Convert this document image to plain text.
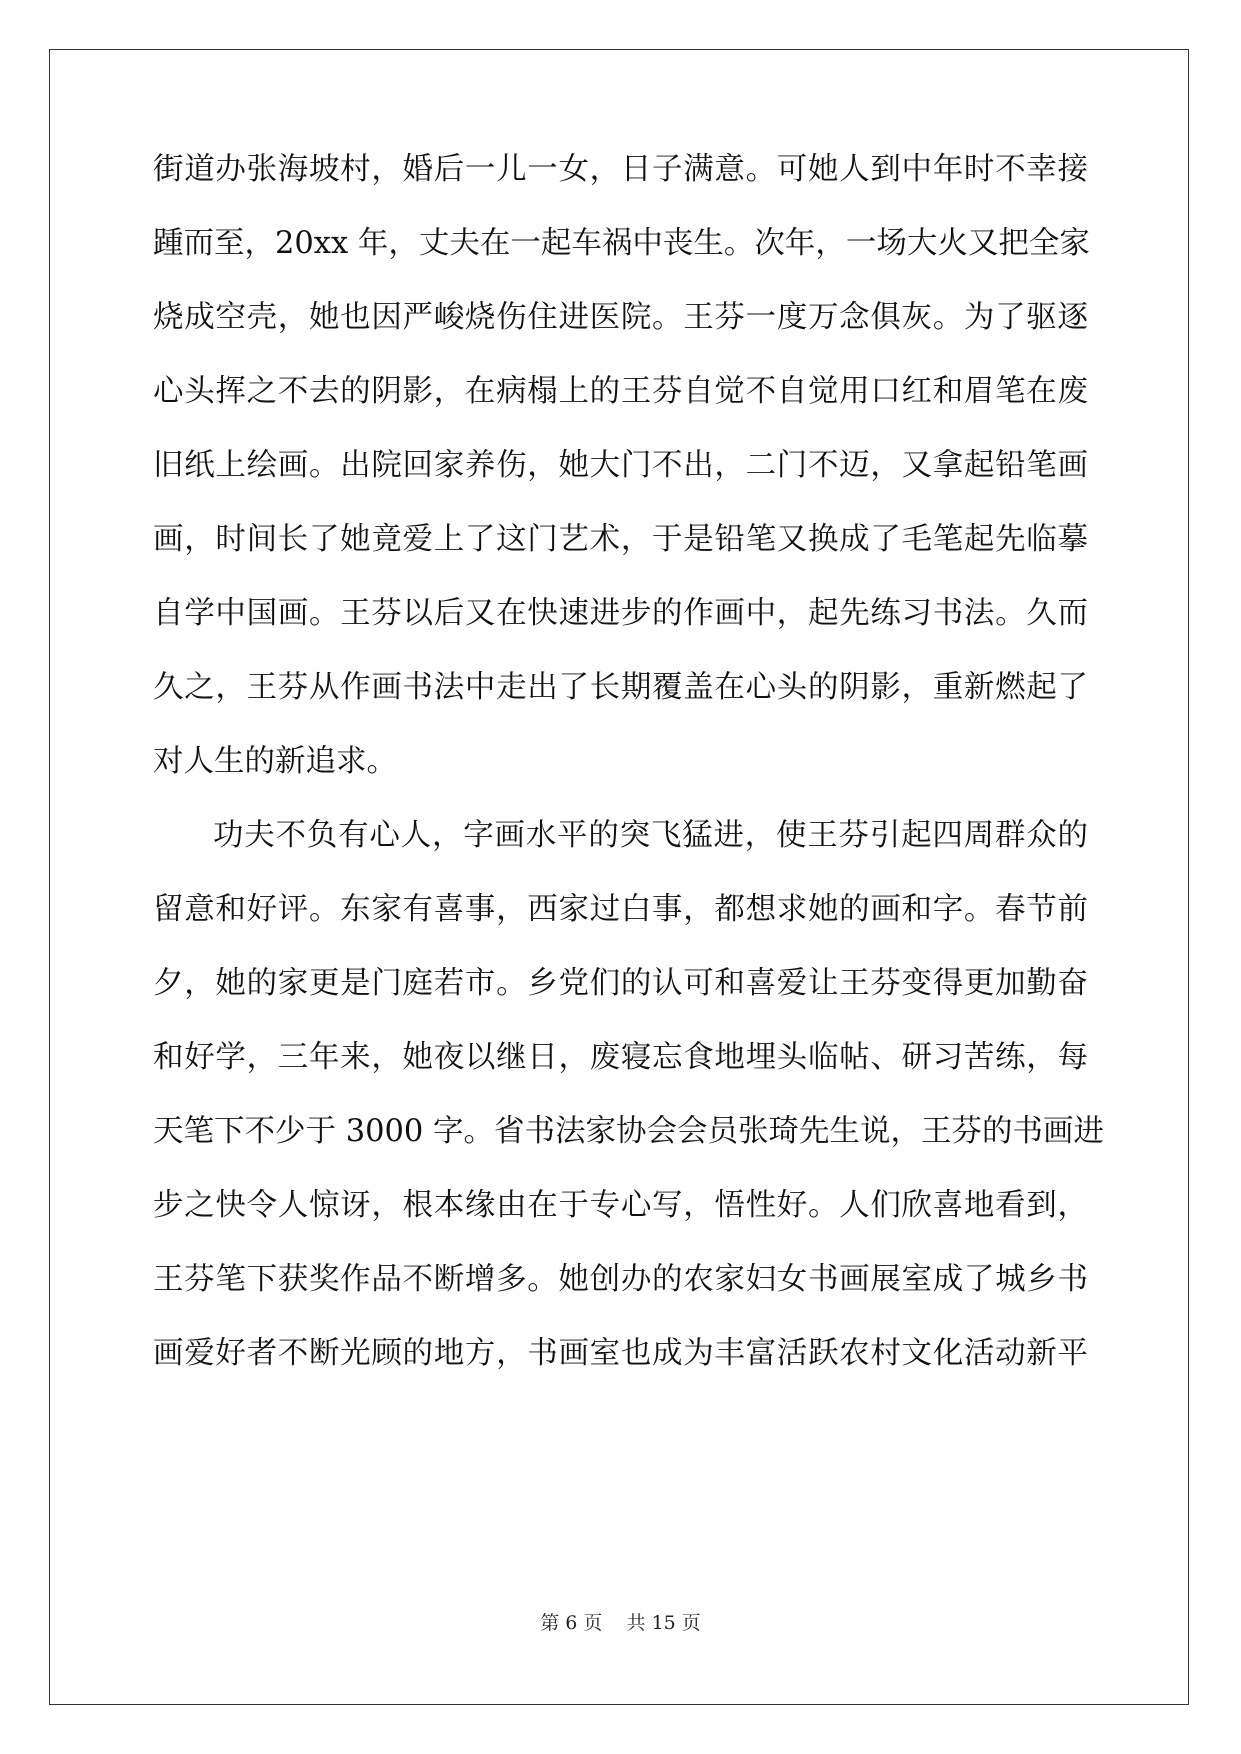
街道办张海坡村，婚后一儿一女，日子满意。可她人到中年时不幸接
踵而至，20xx 年，丈夫在一起车祸中丧生。次年，一场大火又把全家
烧成空壳，她也因严峻烧伤住进医院。王芬一度万念俱灰。为了驱逐
心头挥之不去的阴影，在病榻上的王芬自觉不自觉用口红和眉笔在废
旧纸上绘画。出院回家养伤，她大门不出，二门不迈，又拿起铅笔画
画，时间长了她竟爱上了这门艺术，于是铅笔又换成了毛笔起先临摹
自学中国画。王芬以后又在快速进步的作画中，起先练习书法。久而
久之，王芬从作画书法中走出了长期覆盖在心头的阴影，重新燃起了
对人生的新追求。
功夫不负有心人，字画水平的突飞猛进，使王芬引起四周群众的
留意和好评。东家有喜事，西家过白事，都想求她的画和字。春节前
夕，她的家更是门庭若市。乡党们的认可和喜爱让王芬变得更加勤奋
和好学，三年来，她夜以继日，废寝忘食地埋头临帖、研习苦练，每
天笔下不少于 3000 字。省书法家协会会员张琦先生说，王芬的书画进
步之快令人惊讶，根本缘由在于专心写，悟性好。人们欣喜地看到，
王芬笔下获奖作品不断增多。她创办的农家妇女书画展室成了城乡书
画爱好者不断光顾的地方，书画室也成为丰富活跃农村文化活动新平
第 6 页    共 15 页
